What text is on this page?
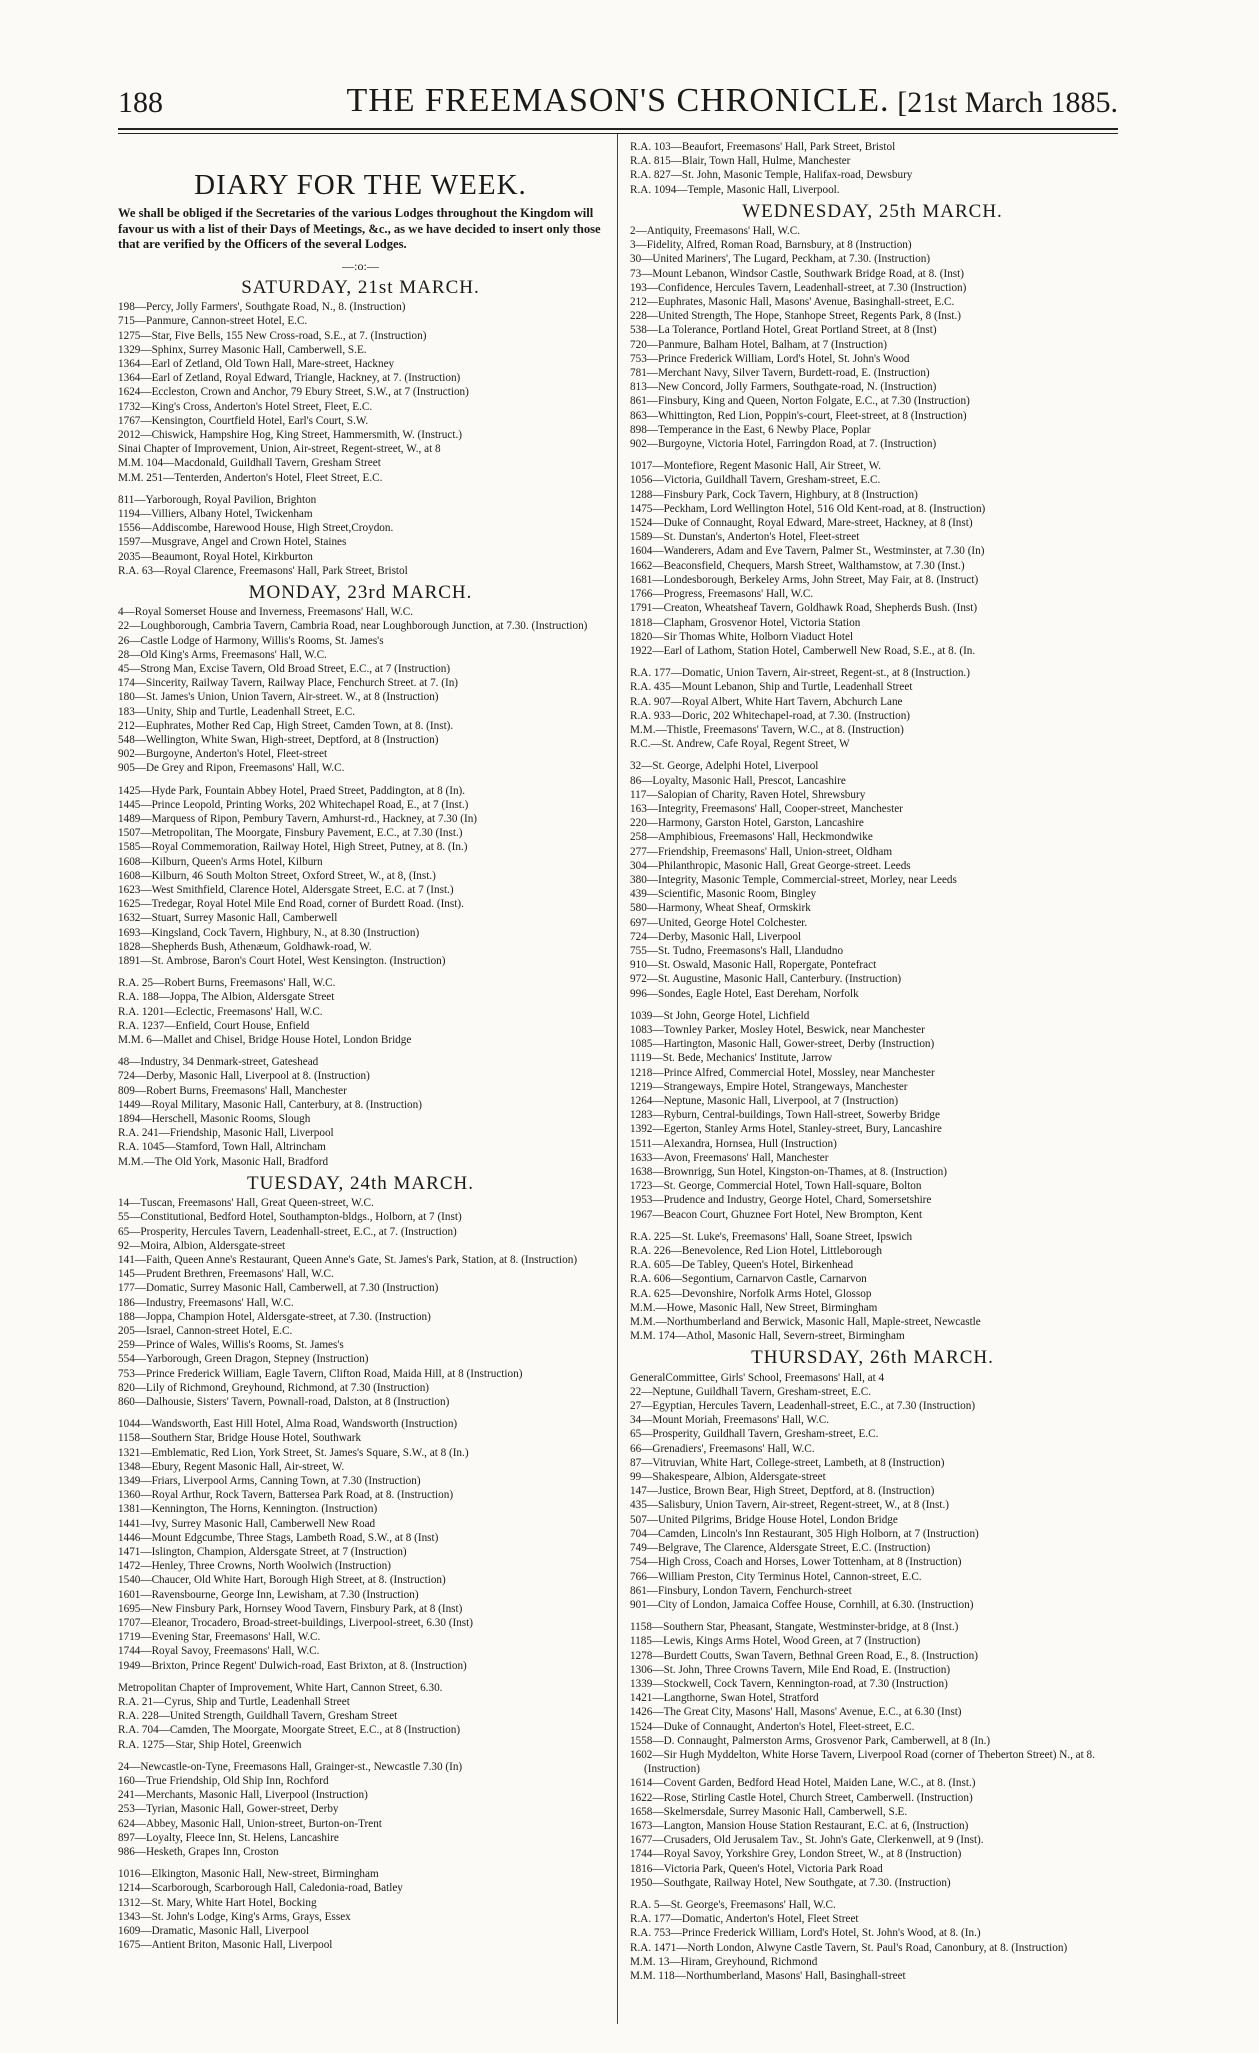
188	THE FREEMASON'S CHRONICLE. [21st March 1885.
DIARY FOR THE WEEK.

We shall be obliged if the Secretaries of the various Lodges throughout the Kingdom will favour us with a list of their Days of Meetings, &c., as we have decided to insert only those that are verified by the Officers of the several Lodges.

—:o:—
SATURDAY, 21st MARCH.

198—Percy, Jolly Farmers', Southgate Road, N., 8. (Instruction)

715—Panmure, Cannon-street Hotel, E.C.

1275—Star, Five Bells, 155 New Cross-road, S.E., at 7. (Instruction)

1329—Sphinx, Surrey Masonic Hall, Camberwell, S.E.

1364—Earl of Zetland, Old Town Hall, Mare-street, Hackney

1364—Earl of Zetland, Royal Edward, Triangle, Hackney, at 7. (Instruction)

1624—Eccleston, Crown and Anchor, 79 Ebury Street, S.W., at 7 (Instruction)

1732—King's Cross, Anderton's Hotel Street, Fleet, E.C.

1767—Kensington, Courtfield Hotel, Earl's Court, S.W.

2012—Chiswick, Hampshire Hog, King Street, Hammersmith, W. (Instruct.)

Sinai Chapter of Improvement, Union, Air-street, Regent-street, W., at 8

M.M. 104—Macdonald, Guildhall Tavern, Gresham Street

M.M. 251—Tenterden, Anderton's Hotel, Fleet Street, E.C.

811—Yarborough, Royal Pavilion, Brighton

1194—Villiers, Albany Hotel, Twickenham

1556—Addiscombe, Harewood House, High Street,Croydon.

1597—Musgrave, Angel and Crown Hotel, Staines

2035—Beaumont, Royal Hotel, Kirkburton

R.A. 63—Royal Clarence, Freemasons' Hall, Park Street, Bristol

MONDAY, 23rd MARCH.

4—Royal Somerset House and Inverness, Freemasons' Hall, W.C.

22—Loughborough, Cambria Tavern, Cambria Road, near Loughborough Junction, at 7.30. (Instruction)

26—Castle Lodge of Harmony, Willis's Rooms, St. James's

28—Old King's Arms, Freemasons' Hall, W.C.

45—Strong Man, Excise Tavern, Old Broad Street, E.C., at 7 (Instruction)

174—Sincerity, Railway Tavern, Railway Place, Fenchurch Street. at 7. (In)

180—St. James's Union, Union Tavern, Air-street. W., at 8 (Instruction)

183—Unity, Ship and Turtle, Leadenhall Street, E.C.

212—Euphrates, Mother Red Cap, High Street, Camden Town, at 8. (Inst).

548—Wellington, White Swan, High-street, Deptford, at 8 (Instruction)

902—Burgoyne, Anderton's Hotel, Fleet-street

905—De Grey and Ripon, Freemasons' Hall, W.C.

1425—Hyde Park, Fountain Abbey Hotel, Praed Street, Paddington, at 8 (In).

1445—Prince Leopold, Printing Works, 202 Whitechapel Road, E., at 7 (Inst.)

1489—Marquess of Ripon, Pembury Tavern, Amhurst-rd., Hackney, at 7.30 (In)

1507—Metropolitan, The Moorgate, Finsbury Pavement, E.C., at 7.30 (Inst.)

1585—Royal Commemoration, Railway Hotel, High Street, Putney, at 8. (In.)

1608—Kilburn, Queen's Arms Hotel, Kilburn

1608—Kilburn, 46 South Molton Street, Oxford Street, W., at 8, (Inst.)

1623—West Smithfield, Clarence Hotel, Aldersgate Street, E.C. at 7 (Inst.)

1625—Tredegar, Royal Hotel Mile End Road, corner of Burdett Road. (Inst).

1632—Stuart, Surrey Masonic Hall, Camberwell

1693—Kingsland, Cock Tavern, Highbury, N., at 8.30 (Instruction)

1828—Shepherds Bush, Athenæum, Goldhawk-road, W.

1891—St. Ambrose, Baron's Court Hotel, West Kensington. (Instruction)

R.A. 25—Robert Burns, Freemasons' Hall, W.C.

R.A. 188—Joppa, The Albion, Aldersgate Street

R.A. 1201—Eclectic, Freemasons' Hall, W.C.

R.A. 1237—Enfield, Court House, Enfield

M.M. 6—Mallet and Chisel, Bridge House Hotel, London Bridge

48—Industry, 34 Denmark-street, Gateshead

724—Derby, Masonic Hall, Liverpool at 8. (Instruction)

809—Robert Burns, Freemasons' Hall, Manchester

1449—Royal Military, Masonic Hall, Canterbury, at 8. (Instruction)

1894—Herschell, Masonic Rooms, Slough

R.A. 241—Friendship, Masonic Hall, Liverpool

R.A. 1045—Stamford, Town Hall, Altrincham

M.M.—The Old York, Masonic Hall, Bradford

TUESDAY, 24th MARCH.

14—Tuscan, Freemasons' Hall, Great Queen-street, W.C.

55—Constitutional, Bedford Hotel, Southampton-bldgs., Holborn, at 7 (Inst)

65—Prosperity, Hercules Tavern, Leadenhall-street, E.C., at 7. (Instruction)

92—Moira, Albion, Aldersgate-street

141—Faith, Queen Anne's Restaurant, Queen Anne's Gate, St. James's Park, Station, at 8. (Instruction)

145—Prudent Brethren, Freemasons' Hall, W.C.

177—Domatic, Surrey Masonic Hall, Camberwell, at 7.30 (Instruction)

186—Industry, Freemasons' Hall, W.C.

188—Joppa, Champion Hotel, Aldersgate-street, at 7.30. (Instruction)

205—Israel, Cannon-street Hotel, E.C.

259—Prince of Wales, Willis's Rooms, St. James's

554—Yarborough, Green Dragon, Stepney (Instruction)

753—Prince Frederick William, Eagle Tavern, Clifton Road, Maida Hill, at 8 (Instruction)

820—Lily of Richmond, Greyhound, Richmond, at 7.30 (Instruction)

860—Dalhousie, Sisters' Tavern, Pownall-road, Dalston, at 8 (Instruction)

1044—Wandsworth, East Hill Hotel, Alma Road, Wandsworth (Instruction)

1158—Southern Star, Bridge House Hotel, Southwark

1321—Emblematic, Red Lion, York Street, St. James's Square, S.W., at 8 (In.)

1348—Ebury, Regent Masonic Hall, Air-street, W.

1349—Friars, Liverpool Arms, Canning Town, at 7.30 (Instruction)

1360—Royal Arthur, Rock Tavern, Battersea Park Road, at 8. (Instruction)

1381—Kennington, The Horns, Kennington. (Instruction)

1441—Ivy, Surrey Masonic Hall, Camberwell New Road

1446—Mount Edgcumbe, Three Stags, Lambeth Road, S.W., at 8 (Inst)

1471—Islington, Champion, Aldersgate Street, at 7 (Instruction)

1472—Henley, Three Crowns, North Woolwich (Instruction)

1540—Chaucer, Old White Hart, Borough High Street, at 8. (Instruction)

1601—Ravensbourne, George Inn, Lewisham, at 7.30 (Instruction)

1695—New Finsbury Park, Hornsey Wood Tavern, Finsbury Park, at 8 (Inst)

1707—Eleanor, Trocadero, Broad-street-buildings, Liverpool-street, 6.30 (Inst)

1719—Evening Star, Freemasons' Hall, W.C.

1744—Royal Savoy, Freemasons' Hall, W.C.

1949—Brixton, Prince Regent' Dulwich-road, East Brixton, at 8. (Instruction)

Metropolitan Chapter of Improvement, White Hart, Cannon Street, 6.30.

R.A. 21—Cyrus, Ship and Turtle, Leadenhall Street

R.A. 228—United Strength, Guildhall Tavern, Gresham Street

R.A. 704—Camden, The Moorgate, Moorgate Street, E.C., at 8 (Instruction)

R.A. 1275—Star, Ship Hotel, Greenwich

24—Newcastle-on-Tyne, Freemasons Hall, Grainger-st., Newcastle 7.30 (In)

160—True Friendship, Old Ship Inn, Rochford

241—Merchants, Masonic Hall, Liverpool (Instruction)

253—Tyrian, Masonic Hall, Gower-street, Derby

624—Abbey, Masonic Hall, Union-street, Burton-on-Trent

897—Loyalty, Fleece Inn, St. Helens, Lancashire

986—Hesketh, Grapes Inn, Croston

1016—Elkington, Masonic Hall, New-street, Birmingham

1214—Scarborough, Scarborough Hall, Caledonia-road, Batley

1312—St. Mary, White Hart Hotel, Bocking

1343—St. John's Lodge, King's Arms, Grays, Essex

1609—Dramatic, Masonic Hall, Liverpool

1675—Antient Briton, Masonic Hall, Liverpool

R.A. 103—Beaufort, Freemasons' Hall, Park Street, Bristol

R.A. 815—Blair, Town Hall, Hulme, Manchester

R.A. 827—St. John, Masonic Temple, Halifax-road, Dewsbury

R.A. 1094—Temple, Masonic Hall, Liverpool.

WEDNESDAY, 25th MARCH.

2—Antiquity, Freemasons' Hall, W.C.

3—Fidelity, Alfred, Roman Road, Barnsbury, at 8 (Instruction)

30—United Mariners', The Lugard, Peckham, at 7.30. (Instruction)

73—Mount Lebanon, Windsor Castle, Southwark Bridge Road, at 8. (Inst)

193—Confidence, Hercules Tavern, Leadenhall-street, at 7.30 (Instruction)

212—Euphrates, Masonic Hall, Masons' Avenue, Basinghall-street, E.C.

228—United Strength, The Hope, Stanhope Street, Regents Park, 8 (Inst.)

538—La Tolerance, Portland Hotel, Great Portland Street, at 8 (Inst)

720—Panmure, Balham Hotel, Balham, at 7 (Instruction)

753—Prince Frederick William, Lord's Hotel, St. John's Wood

781—Merchant Navy, Silver Tavern, Burdett-road, E. (Instruction)

813—New Concord, Jolly Farmers, Southgate-road, N. (Instruction)

861—Finsbury, King and Queen, Norton Folgate, E.C., at 7.30 (Instruction)

863—Whittington, Red Lion, Poppin's-court, Fleet-street, at 8 (Instruction)

898—Temperance in the East, 6 Newby Place, Poplar

902—Burgoyne, Victoria Hotel, Farringdon Road, at 7. (Instruction)

1017—Montefiore, Regent Masonic Hall, Air Street, W.

1056—Victoria, Guildhall Tavern, Gresham-street, E.C.

1288—Finsbury Park, Cock Tavern, Highbury, at 8 (Instruction)

1475—Peckham, Lord Wellington Hotel, 516 Old Kent-road, at 8. (Instruction)

1524—Duke of Connaught, Royal Edward, Mare-street, Hackney, at 8 (Inst)

1589—St. Dunstan's, Anderton's Hotel, Fleet-street

1604—Wanderers, Adam and Eve Tavern, Palmer St., Westminster, at 7.30 (In)

1662—Beaconsfield, Chequers, Marsh Street, Walthamstow, at 7.30 (Inst.)

1681—Londesborough, Berkeley Arms, John Street, May Fair, at 8. (Instruct)

1766—Progress, Freemasons' Hall, W.C.

1791—Creaton, Wheatsheaf Tavern, Goldhawk Road, Shepherds Bush. (Inst)

1818—Clapham, Grosvenor Hotel, Victoria Station

1820—Sir Thomas White, Holborn Viaduct Hotel

1922—Earl of Lathom, Station Hotel, Camberwell New Road, S.E., at 8. (In.

R.A. 177—Domatic, Union Tavern, Air-street, Regent-st., at 8 (Instruction.)

R.A. 435—Mount Lebanon, Ship and Turtle, Leadenhall Street

R.A. 907—Royal Albert, White Hart Tavern, Abchurch Lane

R.A. 933—Doric, 202 Whitechapel-road, at 7.30. (Instruction)

M.M.—Thistle, Freemasons' Tavern, W.C., at 8. (Instruction)

R.C.—St. Andrew, Cafe Royal, Regent Street, W

32—St. George, Adelphi Hotel, Liverpool

86—Loyalty, Masonic Hall, Prescot, Lancashire

117—Salopian of Charity, Raven Hotel, Shrewsbury

163—Integrity, Freemasons' Hall, Cooper-street, Manchester

220—Harmony, Garston Hotel, Garston, Lancashire

258—Amphibious, Freemasons' Hall, Heckmondwike

277—Friendship, Freemasons' Hall, Union-street, Oldham

304—Philanthropic, Masonic Hall, Great George-street. Leeds

380—Integrity, Masonic Temple, Commercial-street, Morley, near Leeds

439—Scientific, Masonic Room, Bingley

580—Harmony, Wheat Sheaf, Ormskirk

697—United, George Hotel Colchester.

724—Derby, Masonic Hall, Liverpool

755—St. Tudno, Freemasons's Hall, Llandudno

910—St. Oswald, Masonic Hall, Ropergate, Pontefract

972—St. Augustine, Masonic Hall, Canterbury. (Instruction)

996—Sondes, Eagle Hotel, East Dereham, Norfolk

1039—St John, George Hotel, Lichfield

1083—Townley Parker, Mosley Hotel, Beswick, near Manchester

1085—Hartington, Masonic Hall, Gower-street, Derby (Instruction)

1119—St. Bede, Mechanics' Institute, Jarrow

1218—Prince Alfred, Commercial Hotel, Mossley, near Manchester

1219—Strangeways, Empire Hotel, Strangeways, Manchester

1264—Neptune, Masonic Hall, Liverpool, at 7 (Instruction)

1283—Ryburn, Central-buildings, Town Hall-street, Sowerby Bridge

1392—Egerton, Stanley Arms Hotel, Stanley-street, Bury, Lancashire

1511—Alexandra, Hornsea, Hull (Instruction)

1633—Avon, Freemasons' Hall, Manchester

1638—Brownrigg, Sun Hotel, Kingston-on-Thames, at 8. (Instruction)

1723—St. George, Commercial Hotel, Town Hall-square, Bolton

1953—Prudence and Industry, George Hotel, Chard, Somersetshire

1967—Beacon Court, Ghuznee Fort Hotel, New Brompton, Kent

R.A. 225—St. Luke's, Freemasons' Hall, Soane Street, Ipswich

R.A. 226—Benevolence, Red Lion Hotel, Littleborough

R.A. 605—De Tabley, Queen's Hotel, Birkenhead

R.A. 606—Segontium, Carnarvon Castle, Carnarvon

R.A. 625—Devonshire, Norfolk Arms Hotel, Glossop

M.M.—Howe, Masonic Hall, New Street, Birmingham

M.M.—Northumberland and Berwick, Masonic Hall, Maple-street, Newcastle

M.M. 174—Athol, Masonic Hall, Severn-street, Birmingham

THURSDAY, 26th MARCH.

GeneralCommittee, Girls' School, Freemasons' Hall, at 4

22—Neptune, Guildhall Tavern, Gresham-street, E.C.

27—Egyptian, Hercules Tavern, Leadenhall-street, E.C., at 7.30 (Instruction)

34—Mount Moriah, Freemasons' Hall, W.C.

65—Prosperity, Guildhall Tavern, Gresham-street, E.C.

66—Grenadiers', Freemasons' Hall, W.C.

87—Vitruvian, White Hart, College-street, Lambeth, at 8 (Instruction)

99—Shakespeare, Albion, Aldersgate-street

147—Justice, Brown Bear, High Street, Deptford, at 8. (Instruction)

435—Salisbury, Union Tavern, Air-street, Regent-street, W., at 8 (Inst.)

507—United Pilgrims, Bridge House Hotel, London Bridge

704—Camden, Lincoln's Inn Restaurant, 305 High Holborn, at 7 (Instruction)

749—Belgrave, The Clarence, Aldersgate Street, E.C. (Instruction)

754—High Cross, Coach and Horses, Lower Tottenham, at 8 (Instruction)

766—William Preston, City Terminus Hotel, Cannon-street, E.C.

861—Finsbury, London Tavern, Fenchurch-street

901—City of London, Jamaica Coffee House, Cornhill, at 6.30. (Instruction)

1158—Southern Star, Pheasant, Stangate, Westminster-bridge, at 8 (Inst.)

1185—Lewis, Kings Arms Hotel, Wood Green, at 7 (Instruction)

1278—Burdett Coutts, Swan Tavern, Bethnal Green Road, E., 8. (Instruction)

1306—St. John, Three Crowns Tavern, Mile End Road, E. (Instruction)

1339—Stockwell, Cock Tavern, Kennington-road, at 7.30 (Instruction)

1421—Langthorne, Swan Hotel, Stratford

1426—The Great City, Masons' Hall, Masons' Avenue, E.C., at 6.30 (Inst)

1524—Duke of Connaught, Anderton's Hotel, Fleet-street, E.C.

1558—D. Connaught, Palmerston Arms, Grosvenor Park, Camberwell, at 8 (In.)

1602—Sir Hugh Myddelton, White Horse Tavern, Liverpool Road (corner of Theberton Street) N., at 8. (Instruction)

1614—Covent Garden, Bedford Head Hotel, Maiden Lane, W.C., at 8. (Inst.)

1622—Rose, Stirling Castle Hotel, Church Street, Camberwell. (Instruction)

1658—Skelmersdale, Surrey Masonic Hall, Camberwell, S.E.

1673—Langton, Mansion House Station Restaurant, E.C. at 6, (Instruction)

1677—Crusaders, Old Jerusalem Tav., St. John's Gate, Clerkenwell, at 9 (Inst).

1744—Royal Savoy, Yorkshire Grey, London Street, W., at 8 (Instruction)

1816—Victoria Park, Queen's Hotel, Victoria Park Road

1950—Southgate, Railway Hotel, New Southgate, at 7.30. (Instruction)

R.A. 5—St. George's, Freemasons' Hall, W.C.

R.A. 177—Domatic, Anderton's Hotel, Fleet Street

R.A. 753—Prince Frederick William, Lord's Hotel, St. John's Wood, at 8. (In.)

R.A. 1471—North London, Alwyne Castle Tavern, St. Paul's Road, Canonbury, at 8. (Instruction)

M.M. 13—Hiram, Greyhound, Richmond

M.M. 118—Northumberland, Masons' Hall, Basinghall-street
